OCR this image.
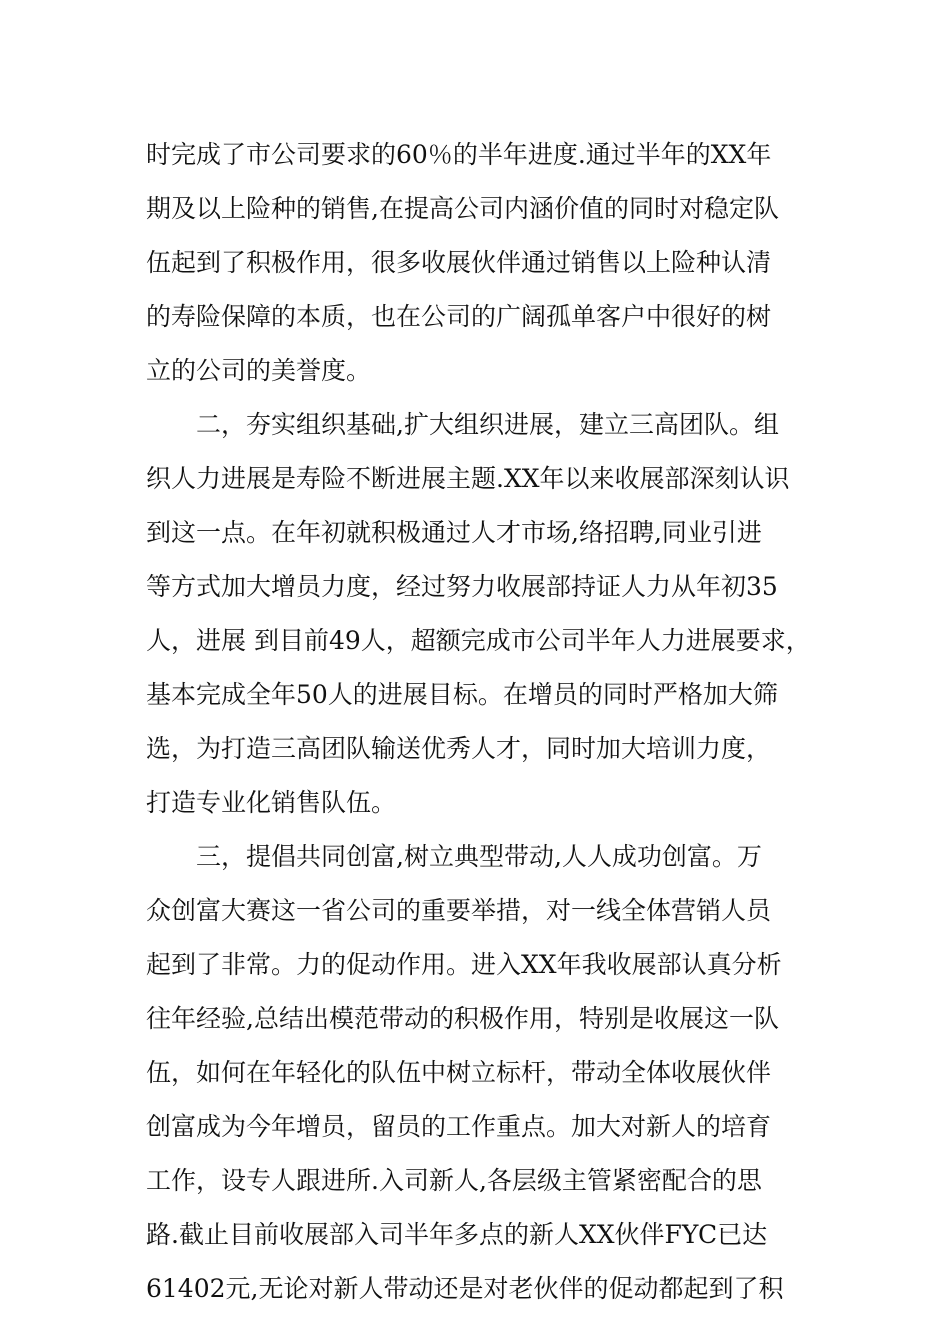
时完成了市公司要求的60％的半年进度.通过半年的XX年
期及以上险种的销售,在提高公司内涵价值的同时对稳定队
伍起到了积极作用，很多收展伙伴通过销售以上险种认清
的寿险保障的本质，也在公司的广阔孤单客户中很好的树
立的公司的美誉度。
二，夯实组织基础,扩大组织进展，建立三高团队。组
织人力进展是寿险不断进展主题.XX年以来收展部深刻认识
到这一点。在年初就积极通过人才市场,络招聘,同业引进
等方式加大增员力度，经过努力收展部持证人力从年初35
人，进展 到目前49人，超额完成市公司半年人力进展要求，
基本完成全年50人的进展目标。在增员的同时严格加大筛
选，为打造三高团队输送优秀人才，同时加大培训力度，
打造专业化销售队伍。
三，提倡共同创富,树立典型带动,人人成功创富。万
众创富大赛这一省公司的重要举措，对一线全体营销人员
起到了非常。力的促动作用。进入XX年我收展部认真分析
往年经验,总结出模范带动的积极作用，特别是收展这一队
伍，如何在年轻化的队伍中树立标杆，带动全体收展伙伴
创富成为今年增员，留员的工作重点。加大对新人的培育
工作，设专人跟进所.入司新人,各层级主管紧密配合的思
路.截止目前收展部入司半年多点的新人XX伙伴FYC已达
61402元,无论对新人带动还是对老伙伴的促动都起到了积
